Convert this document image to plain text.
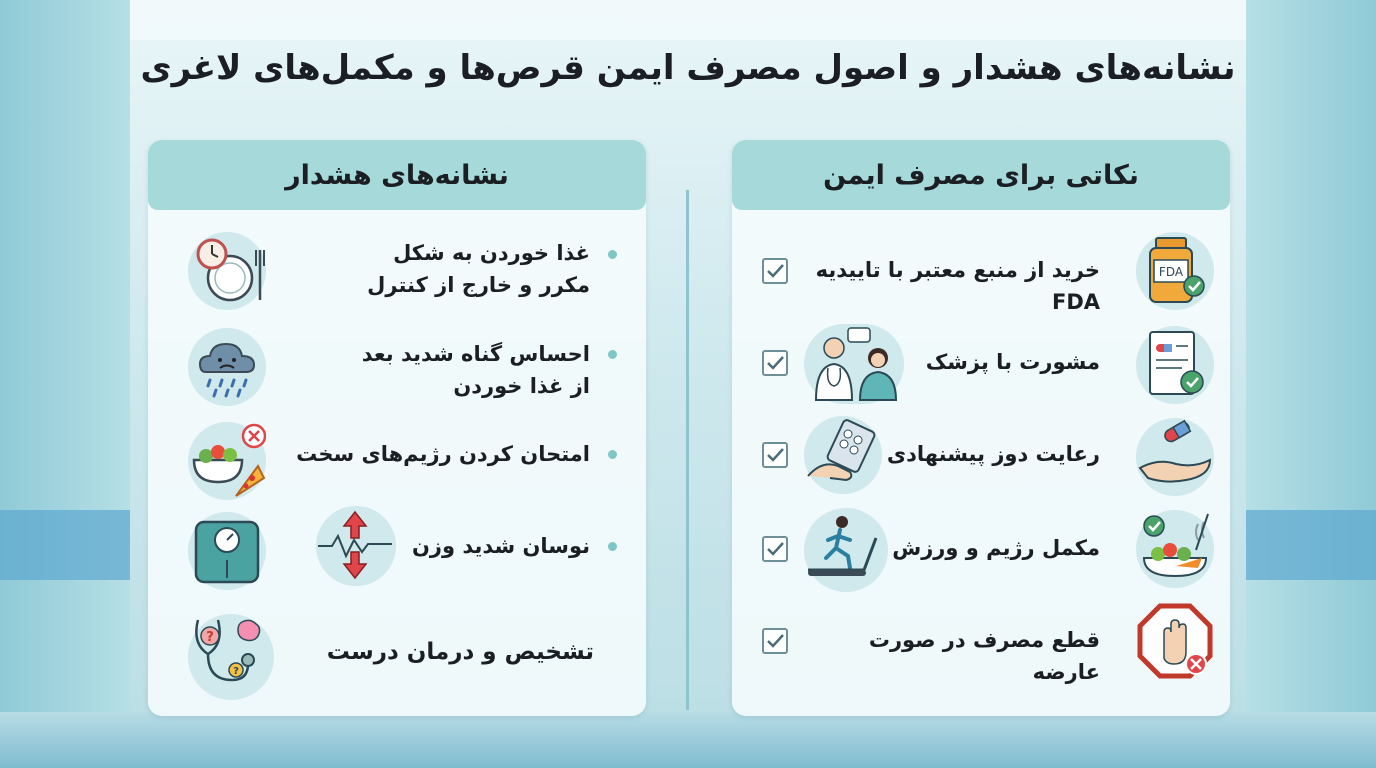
نشانه‌های هشدار و اصول مصرف ایمن قرص‌ها و مکمل‌های لاغری
نشانه‌های هشدار
غذا خوردن به شکل
مکرر و خارج از کنترل
احساس گناه شدید بعد
از غذا خوردن
امتحان کردن رژیم‌های سخت
نوسان شدید وزن
تشخیص و درمان درست
?
?
نکاتی برای مصرف ایمن
خرید از منبع معتبر با تاییدیه FDA
FDA
مشورت با پزشک
رعایت دوز پیشنهادی
مکمل رژیم و ورزش
قطع مصرف در صورت عارضه
